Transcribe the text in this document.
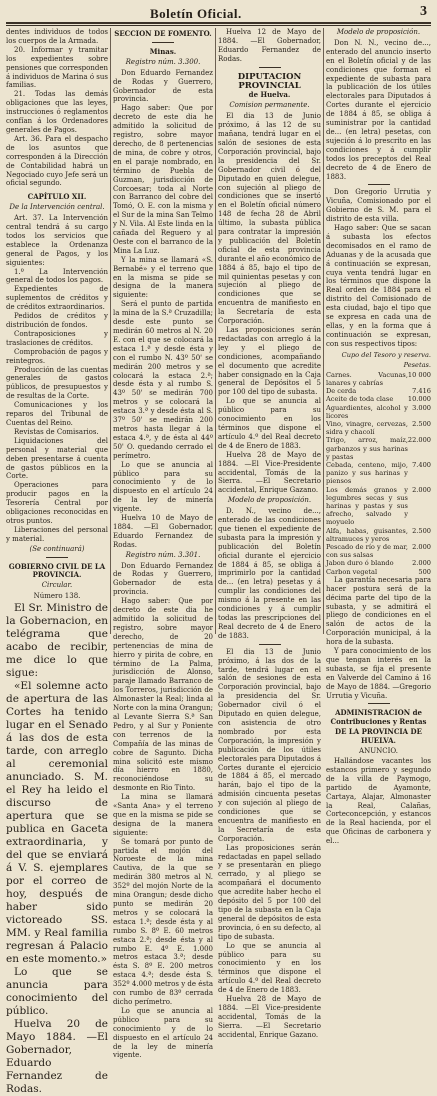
Boletín Oficial.	3

dentes individuos de todos los cuerpos de la Armada.

20. Informar y tramitar los expedientes sobre pensiones que corresponden á individuos de Marina ó sus familias.

21. Todas las demás obligaciones que las leyes, instrucciones ó reglamentos confían á los Ordenadores generales de Pagos.

Art. 36. Para el despacho de los asuntos que corresponden á la Dirección de Contabilidad habrá un Negociado cuyo Jefe será un oficial segundo.

CAPÍTULO XII.
De la Intervención central.

Art. 37. La Intervención central tendrá á su cargo todos los servicios que establece la Ordenanza general de Pagos, y los siguientes:

1.º La Intervención general de todos los pagos.

Expedientes de suplementos de créditos y de créditos extraordinarios.

Pedidos de créditos y distribución de fondos.

Contraposiciones y traslaciones de créditos.

Comprobación de pagos y reintegros.

Producción de las cuentas generales de gastos públicos, de presupuestos y de resultas de la Corte.

Comunicaciones y los reparos del Tribunal de Cuentas del Reino.

Revistas de Comisarios.

Liquidaciones del personal y material que deben presentarse á cuenta de gastos públicos en la Corte.

Operaciones para producir pagos en la Tesorería Central por obligaciones reconocidas en otros puntos.

Liberaciones del personal y material.

(Se continuará)
GOBIERNO CIVIL DE LA PROVINCIA.
Circular.
Número 138.

El Sr. Ministro de la Gobernacion, en telégrama que acabo de recibir, me dice lo que sigue:

«El solemne acto de apertura de las Cortes ha tenido lugar en el Senado á las dos de esta tarde, con arreglo al ceremonial anunciado. S. M. el Rey ha leido el discurso de apertura que se publica en Gaceta extraordinaria, y del que se enviará á V. S. ejemplares por el correo de hoy, después de haber sido victoreado SS. MM. y Real familia regresan á Palacio en este momento.»

Lo que se anuncia para conocimiento del público.

Huelva 20 de Mayo 1884. —El Gobernador, Eduardo Fernandez de Rodas.

SECCION DE FOMENTO.
Minas.
Registro núm. 3.300.

Don Eduardo Fernandez de Rodas y Guerrero, Gobernador de esta provincia.

Hago saber: Que por decreto de este dia he admitido la solicitud de registro, sobre mayor derecho, de 8 pertenencias de mina, de cobre y otros, en el paraje nombrado, en término de Puebla de Guzman, jurisdicción de Corcoesar; toda al Norte con Barranco del cobre del Tomó, O. E. con la misma y el Sur de la mina San Telmo y N. Vila. Al Este linda en la cañada del Reguero y al Oeste con el barranco de la Mina La Luz.

Y la mina se llamará «S. Bernabé» y el terreno que en la misma se pide se designa de la manera siguiente:

Será el punto de partida la mina de la S.ª Cruzadilla; desde este punto se medirán 60 metros al N. 20 E. con el que se colocará la estaca 1.ª y desde ésta y con el rumbo N. 43º 50' se medirán 200 metros y se colocará la estaca 2.ª; desde ésta y al rumbo S. 43º 50' se medirán 700 metros y se colocará la estaca 3.ª y desde ésta al S. 37º 50' se medirán 200 metros hasta llegar á la estaca 4.ª, y de ésta al 44º 50' O. quedando cerrado el perímetro.

Lo que se anuncia al público para su conocimiento y de lo dispuesto en el artículo 24 de la ley de minería vigente.

Huelva 10 de Mayo de 1884. —El Gobernador, Eduardo Fernandez de Rodas.

Registro núm. 3.301.

Don Eduardo Fernandez de Rodas y Guerrero, Gobernador de esta provincia.

Hago saber: Que por decreto de este dia he admitido la solicitud de registro, sobre mayor derecho, de 20 pertenencias de mina de hierro y pirita de cobre, en término de La Palma, jurisdicción de Alonso, paraje llamado Barranco de los Torreros, jurisdicción de Almonaster la Real; linda al Norte con la mina Orangun; al Levante Sierra S.ª San Pedro, y al Sur y Poniente con terrenos de la Compañía de las minas de cobre de Sagunto. Dicha mina solicitó este mismo día hierro en 1880, reconociéndose su desmonte en Rio Tinto.

La mina se llamará «Santa Ana» y el terreno que en la misma se pide se designa de la manera siguiente:

Se tomará por punto de partida el mojón del Noroeste de la mina Cautiva, de la que se medirán 380 metros al N. 352º del mojón Norte de la mina Orangun; desde dicho punto se medirán 20 metros y se colocará la estaca 1.ª; desde ésta y al rumbo S. 8º E. 60 metros estaca 2.ª; desde ésta y al rumbo E. 4º E. 1.000 metros estaca 3.ª; desde ésta S. 8º E. 200 metros estaca 4.ª; desde ésta S. 352º 4.000 metros y de ésta con rumbo de 83º cerrada dicho perímetro.

Lo que se anuncia al público para su conocimiento y de lo dispuesto en el artículo 24 de la ley de minería vigente.

Huelva 12 de Mayo de 1884. —El Gobernador, Eduardo Fernandez de Rodas.

DIPUTACION PROVINCIAL
de Huelva.
Comision permanente.

El dia 13 de Junio próximo, á las 12 de su mañana, tendrá lugar en el salón de sesiones de esta Corporación provincial, bajo la presidencia del Sr. Gobernador civil ó del Diputado en quien delegue, con sujeción al pliego de condiciones que se insertó en el Boletín oficial número 148 de fecha 28 de Abril último, la subasta pública para contratar la impresión y publicación del Boletín oficial de esta provincia durante el año económico de 1884 á 85, bajo el tipo de mil quinientas pesetas y con sujeción al pliego de condiciones que se encuentra de manifiesto en la Secretaría de esta Corporación.

Las proposiciones serán redactadas con arreglo á la ley y el pliego de condiciones, acompañando el documento que acredite haber consignado en la Caja general de Depósitos el 5 por 100 del tipo de subasta.

Lo que se anuncia al público para su conocimiento en los términos que dispone el artículo 4.º del Real decreto de 4 de Enero de 1883.

Huelva 28 de Mayo de 1884. —El Vice-Presidente accidental, Tomás de la Sierra. —El Secretario accidental, Enrique Gazano.

Modelo de proposición.

D. N., vecino de..., enterado de las condiciones que tienen el expediente de subasta para la impresión y publicación del Boletín oficial durante el ejercicio de 1884 á 85, se obliga á imprimirlo por la cantidad de... (en letra) pesetas y á cumplir las condiciones del mismo á la presente en las condiciones y á cumplir todas las prescripciones del Real decreto de 4 de Enero de 1883.

El dia 13 de Junio próximo, á las dos de la tarde, tendrá lugar en el salón de sesiones de esta Corporación provincial, bajo la presidencia del Sr. Gobernador civil ó el Diputado en quien delegue, con asistencia de otro nombrado por esta Corporación, la impresión y publicación de los útiles electorales para Diputados á Cortes durante el ejercicio de 1884 á 85, el mercado harán, bajo el tipo de la admisión cincuenta pesetas y con sujeción al pliego de condiciones que se encuentra de manifiesto en la Secretaría de esta Corporación.

Las proposiciones serán redactadas en papel sellado y se presentarán en pliego cerrado, y al pliego se acompañará el documento que acredite haber hecho el depósito del 5 por 100 del tipo de la subasta en la Caja general de depósitos de esta provincia, ó en su defecto, al tipo de subasta.

Lo que se anuncia al público para su conocimiento y en los términos que dispone el artículo 4.º del Real decreto de 4 de Enero de 1883.

Huelva 28 de Mayo de 1884. —El Vice-presidente accidental, Tomás de la Sierra. —El Secretario accidental, Enrique Gazano.

Modelo de proposición.

Don N. N., vecino de..., enterado del anuncio inserto en el Boletín oficial y de las condiciones que forman el expediente de subasta para la publicación de los útiles electorales para Diputados á Cortes durante el ejercicio de 1884 á 85, se obliga á suministrar por la cantidad de... (en letra) pesetas, con sujeción á lo prescrito en las condiciones y á cumplir todos los preceptos del Real decreto de 4 de Enero de 1883.

Don Gregorio Urrutia y Vicuña, Comisionado por el Gobierno de S. M. para el distrito de esta villa.

Hago saber: Que se sacan á subasta los efectos decomisados en el ramo de Aduanas y de la acusada que á continuación se expresan, cuya venta tendrá lugar en los términos que dispone la Real orden de 1884 para el distrito del Comisionado de esta ciudad, bajo el tipo que se expresa en cada una de ellas, y en la forma que á continuación se expresan, con sus respectivos tipos:

Cupo del Tesoro y reserva.
Pesetas.
Carnes. Vacunas, lanares y cabrías	10 000
De cerda	7.416
Aceite de toda clase	10.000
Aguardientes, alcohol y licores	3.000
Vino, vinagre, cervezas, sidra y chacolí	2.500
Trigo, arroz, maíz, garbanzos y sus harinas y pastas	22.000
Cebada, centeno, mijo, panizo y sus harinas y piensos	7.400
Los demás granos y legumbres secas y sus harinas y pastas y sus afrecho, salvado y moyuelo	2.000
Alfa, habas, guisantes, altramuces y yeros	2.500
Pescado de río y de mar, con sus salsas	2.000
Jabon duro ó blando	2.000
Carbon vegetal	500

La garantía necesaria para hacer postura será de la décima parte del tipo de la subasta, y se admitirá el pliego de condiciones en el salón de actos de la Corporación municipal, á la hora de la subasta.

Y para conocimiento de los que tengan interés en la subasta, se fija el presente en Valverde del Camino á 16 de Mayo de 1884. —Gregorio Urrutia y Vicuña.

ADMINISTRACION de Contribuciones y Rentas
DE LA PROVINCIA DE HUELVA.
ANUNCIO.

Hallándose vacantes los estancos primero y segundo de la villa de Paymogo, partido de Ayamonte, Cartaya, Alajar, Almonaster la Real, Calañas, Corteconcepción, y estancos de la Real hacienda, por el que Oficinas de carbonera y el...
